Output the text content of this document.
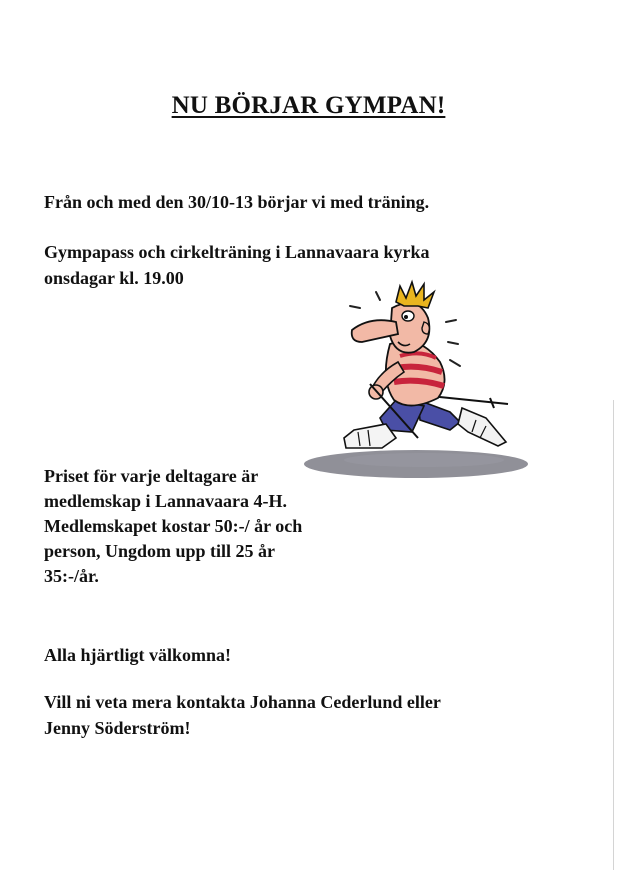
NU BÖRJAR GYMPAN!

Från och med den 30/10-13 börjar vi med träning.

Gympapass och cirkelträning i Lannavaara kyrka

onsdagar kl. 19.00

Priset för varje deltagare är

medlemskap i Lannavaara 4-H.

Medlemskapet kostar 50:-/ år och

person, Ungdom upp till 25 år

35:-/år.

Alla hjärtligt välkomna!

Vill ni veta mera kontakta Johanna Cederlund eller

Jenny Söderström!
